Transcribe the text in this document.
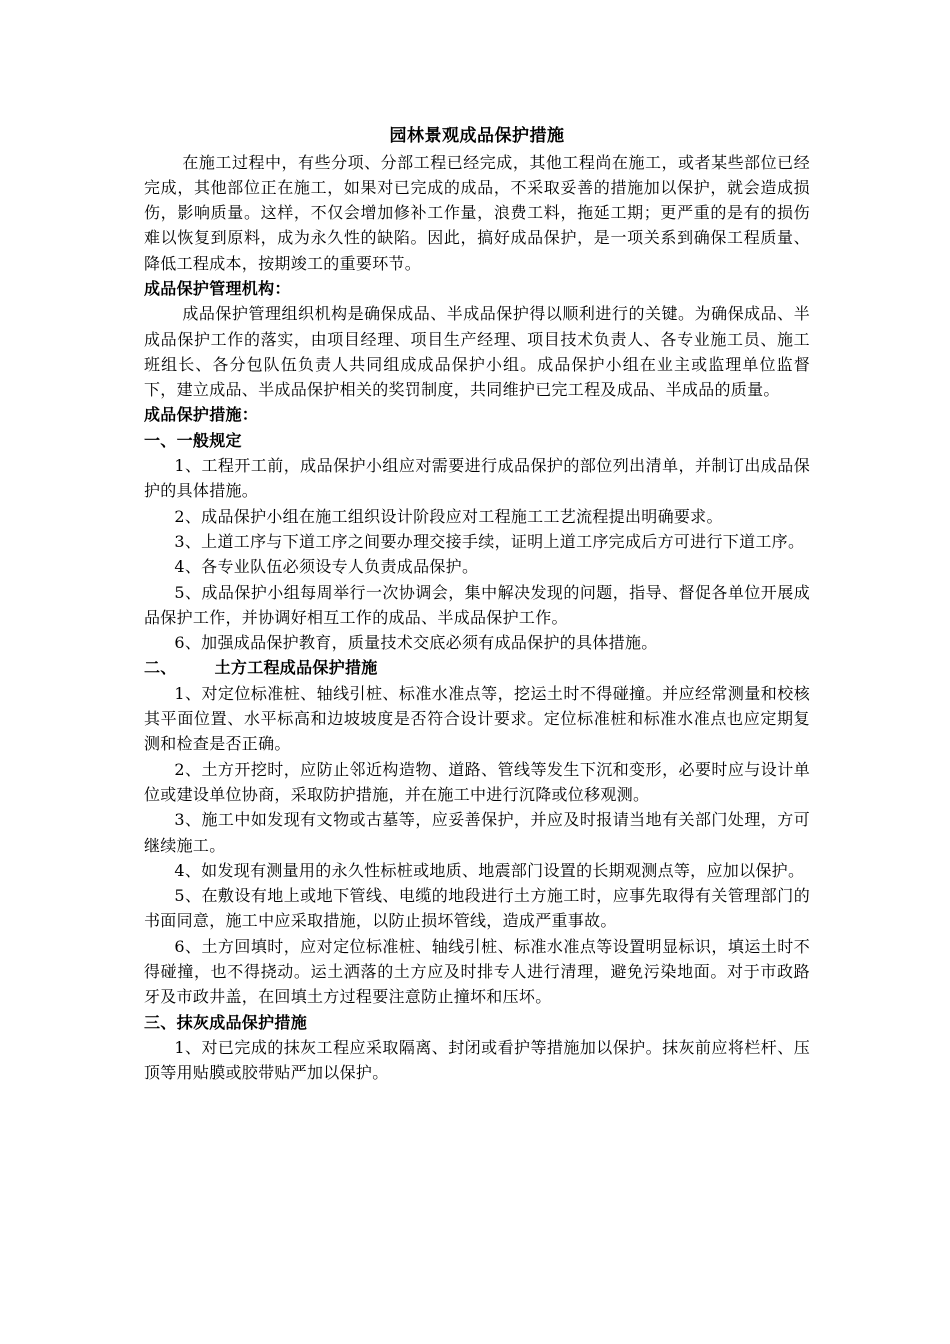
园林景观成品保护措施

在施工过程中，有些分项、分部工程已经完成，其他工程尚在施工，或者某些部位已经完成，其他部位正在施工，如果对已完成的成品，不采取妥善的措施加以保护，就会造成损伤，影响质量。这样，不仅会增加修补工作量，浪费工料，拖延工期；更严重的是有的损伤难以恢复到原料，成为永久性的缺陷。因此，搞好成品保护，是一项关系到确保工程质量、降低工程成本，按期竣工的重要环节。

成品保护管理机构：

成品保护管理组织机构是确保成品、半成品保护得以顺利进行的关键。为确保成品、半成品保护工作的落实，由项目经理、项目生产经理、项目技术负责人、各专业施工员、施工班组长、各分包队伍负责人共同组成成品保护小组。成品保护小组在业主或监理单位监督下，建立成品、半成品保护相关的奖罚制度，共同维护已完工程及成品、半成品的质量。

成品保护措施：
一、一般规定

1、工程开工前，成品保护小组应对需要进行成品保护的部位列出清单，并制订出成品保护的具体措施。

2、成品保护小组在施工组织设计阶段应对工程施工工艺流程提出明确要求。

3、上道工序与下道工序之间要办理交接手续，证明上道工序完成后方可进行下道工序。

4、各专业队伍必须设专人负责成品保护。

5、成品保护小组每周举行一次协调会，集中解决发现的问题，指导、督促各单位开展成品保护工作，并协调好相互工作的成品、半成品保护工作。

6、加强成品保护教育，质量技术交底必须有成品保护的具体措施。

二、 土方工程成品保护措施

1、对定位标准桩、轴线引桩、标准水准点等，挖运土时不得碰撞。并应经常测量和校核其平面位置、水平标高和边坡坡度是否符合设计要求。定位标准桩和标准水准点也应定期复测和检查是否正确。

2、土方开挖时，应防止邻近构造物、道路、管线等发生下沉和变形，必要时应与设计单位或建设单位协商，采取防护措施，并在施工中进行沉降或位移观测。

3、施工中如发现有文物或古墓等，应妥善保护，并应及时报请当地有关部门处理，方可继续施工。

4、如发现有测量用的永久性标桩或地质、地震部门设置的长期观测点等，应加以保护。

5、在敷设有地上或地下管线、电缆的地段进行土方施工时，应事先取得有关管理部门的书面同意，施工中应采取措施，以防止损坏管线，造成严重事故。

6、土方回填时，应对定位标准桩、轴线引桩、标准水准点等设置明显标识，填运土时不得碰撞，也不得挠动。运土洒落的土方应及时排专人进行清理，避免污染地面。对于市政路牙及市政井盖，在回填土方过程要注意防止撞坏和压坏。

三、抹灰成品保护措施

1、对已完成的抹灰工程应采取隔离、封闭或看护等措施加以保护。抹灰前应将栏杆、压顶等用贴膜或胶带贴严加以保护。
